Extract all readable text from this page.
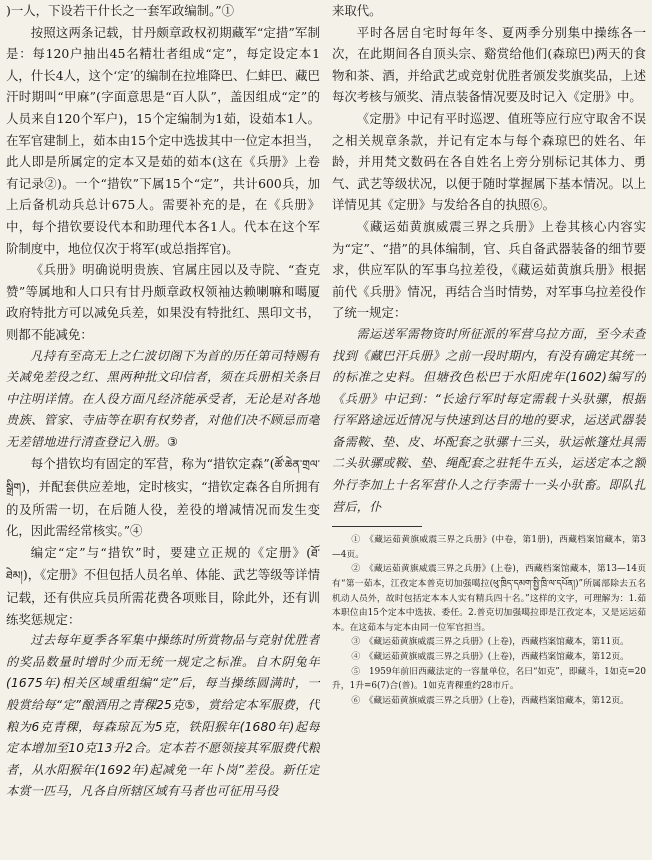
)一人，下设若干什长之一套军政编制。”①

按照这两条记载，甘丹颇章政权初期藏军“定措”军制是：每120户抽出45名精壮者组成“定”，每定设定本1人，什长4人，这个‘定’的编制在拉堆降巴、仁蚌巴、藏巴汗时期叫“甲麻”(字面意思是“百人队”，盖因组成“定”的人员来自120个军户)，15个定编制为1茹，设茹本1人。在军官建制上，茹本由15个定中选拔其中一位定本担当，此人即是所属定的定本又是茹的茹本(这在《兵册》上卷有记录②)。一个“措钦”下属15个“定”，共计600兵，加上后备机动兵总计675人。需要补充的是，在《兵册》中，每个措钦要设代本和助理代本各1人。代本在这个军阶制度中，地位仅次于将军(或总指挥官)。

《兵册》明确说明贵族、官属庄园以及寺院、“查克赞”等属地和人口只有甘丹颇章政权领袖达赖喇嘛和噶厦政府特批方可以减免兵差，如果没有特批红、黑印文书，则都不能减免：

凡持有至高无上之仁波切阁下为首的历任第司特赐有关减免差役之红、黑两种批文印信者，须在兵册相关条目中注明详情。在人役方面凡经济能承受者，无论是对各地贵族、管家、寺庙等在职有权势者，对他们决不顾忌而毫无差错地进行清查登记入册。③

每个措钦均有固定的军营，称为“措钦定森”(ཚོ་ཆེན་གྲལ་སྒྲིག)，并配套供应差地，定时核实，“措钦定森各自所拥有的及所需一切，在后随人役，差役的增减情况而发生变化，因此需经常核实。”④

编定“定”与“措钦”时，要建立正规的《定册》(ཐོ་ཐེམ།)，《定册》不但包括人员名单、体能、武艺等级等详情记载，还有供应兵员所需花费各项账目，除此外，还有训练奖惩规定：

过去每年夏季各军集中操练时所赏物品与竞射优胜者的奖品数量时增时少而无统一规定之标准。自木阴兔年(1675年)相关区域重组编“定”后，每当操练圆满时，一般赏给每“定”酿酒用之青稞25克⑤，赏给定本军服费，代粮为6克青稞，每森琼瓦为5克，铁阳猴年(1680年)起每定本增加至10克13升2合。定本若不愿领接其军服费代粮者，从水阳猴年(1692年)起减免一年卜岗”差役。新任定本赏一匹马，凡各自所辖区域有马者也可征用马役

来取代。

平时各居自宅时每年冬、夏两季分别集中操练各一次，在此期间各自顶头宗、谿赏给他们(森琼巴)两天的食物和茶、酒，并给武艺或竞射优胜者颁发奖旗奖品，上述每次考核与颁奖、清点装备情况要及时记入《定册》中。

《定册》中记有平时巡逻、值班等应行应守取舍不误之相关规章条款，并记有定本与每个森琼巴的姓名、年龄，并用梵文数码在各自姓名上旁分别标记其体力、勇气、武艺等级状况，以便于随时掌握属下基本情况。以上详情见其《定册》与发给各自的执照⑥。

《藏运茹黄旗威震三界之兵册》上卷其核心内容实为“定”、“措”的具体编制，官、兵自备武器装备的细节要求，供应军队的军事乌拉差役，《藏运茹黄旗兵册》根据前代《兵册》情况，再结合当时情势，对军事乌拉差役作了统一规定：

需运送军需物资时所征派的军营乌拉方面，至今未查找到《藏巴汗兵册》之前一段时期内，有没有确定其统一的标准之史料。但塘孜色松巴于水阳虎年(1602)编写的《兵册》中记到：“长途行军时每定需载十头驮骡，根据行军路途远近情况与快速到达目的地的要求，运送武器装备需鞍、垫、皮、坏配套之驮骡十三头，驮运帐篷灶具需二头驮骡或鞍、垫、绳配套之驻牦牛五头，运送定本之额外行李加上十名军营仆人之行李需十一头小驮畜。即队扎营后，仆

①　《藏运茹黄旗威震三界之兵册》(中卷，第1册)，西藏档案馆藏本，第3—4页。

②　《藏运茹黄旗威震三界之兵册》(上卷)，西藏档案馆藏本，第13—14页有“第一茹本，江孜定本普克切加强噶拉(ཕུ་ཁྲིད་དམག་སྤྱི་ཁྲི་ལ་དཔོན།)”所属部除去五名机动人员外，故时包括定本本人实有精兵四十名。”这样的文字，可理解为：1.茹本职位由15个定本中选拔、委任。2.普克切加强噶拉即是江孜定本，又是运运茹本。在这茹本与定本由同一位军官担当。

③　《藏运茹黄旗威震三界之兵册》(上卷)，西藏档案馆藏本，第11页。

④　《藏运茹黄旗威震三界之兵册》(上卷)，西藏档案馆藏本，第12页。

⑤　1959年前旧西藏法定的一容量单位，名曰“如克”，即藏斗，1如克=20升，1升=6(7)合(普)。1如克青稞重约28市斤。

⑥　《藏运茹黄旗威震三界之兵册》(上卷)，西藏档案馆藏本，第12页。
